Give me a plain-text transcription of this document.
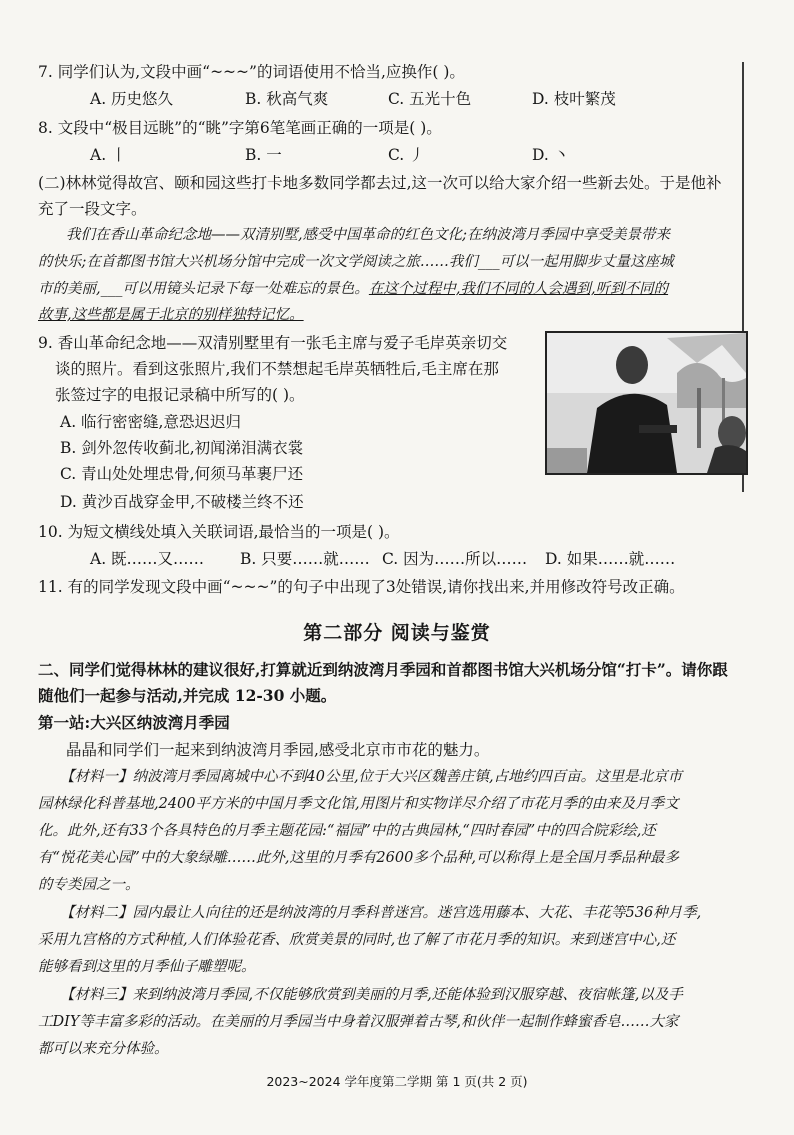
7. 同学们认为,文段中画“~~~”的词语使用不恰当,应换作( )。
A. 历史悠久	B. 秋高气爽	C. 五光十色	D. 枝叶繁茂
8. 文段中“极目远眺”的“眺”字第6笔笔画正确的一项是( )。
A. 丨	B. 一	C. 丿	D. 丶
(二)林林觉得故宫、颐和园这些打卡地多数同学都去过,这一次可以给大家介绍一些新去处。于是他补
充了一段文字。
我们在香山革命纪念地——双清别墅,感受中国革命的红色文化;在纳波湾月季园中享受美景带来
的快乐;在首都图书馆大兴机场分馆中完成一次文学阅读之旅……我们___可以一起用脚步丈量这座城
市的美丽,___可以用镜头记录下每一处难忘的景色。在这个过程中,我们不同的人会遇到,听到不同的
故事,这些都是属于北京的别样独特记忆。
9. 香山革命纪念地——双清别墅里有一张毛主席与爱子毛岸英亲切交
谈的照片。看到这张照片,我们不禁想起毛岸英牺牲后,毛主席在那
张签过字的电报记录稿中所写的( )。
A. 临行密密缝,意恐迟迟归
B. 剑外忽传收蓟北,初闻涕泪满衣裳
C. 青山处处埋忠骨,何须马革裹尸还
D. 黄沙百战穿金甲,不破楼兰终不还
10. 为短文横线处填入关联词语,最恰当的一项是( )。
A. 既……又…… B. 只要……就…… C. 因为……所以…… D. 如果……就……
11. 有的同学发现文段中画“~~~”的句子中出现了3处错误,请你找出来,并用修改符号改正确。
第二部分 阅读与鉴赏
二、同学们觉得林林的建议很好,打算就近到纳波湾月季园和首都图书馆大兴机场分馆“打卡”。请你跟
随他们一起参与活动,并完成 12-30 小题。
第一站:大兴区纳波湾月季园
晶晶和同学们一起来到纳波湾月季园,感受北京市市花的魅力。
【材料一】纳波湾月季园离城中心不到40公里,位于大兴区魏善庄镇,占地约四百亩。这里是北京市
园林绿化科普基地,2400平方米的中国月季文化馆,用图片和实物详尽介绍了市花月季的由来及月季文
化。此外,还有33个各具特色的月季主题花园:“福园”中的古典园林,“四时春园”中的四合院彩绘,还
有“悦花美心园”中的大象绿雕……此外,这里的月季有2600多个品种,可以称得上是全国月季品种最多
的专类园之一。
【材料二】园内最让人向往的还是纳波湾的月季科普迷宫。迷宫选用藤本、大花、丰花等536种月季,
采用九宫格的方式种植,人们体验花香、欣赏美景的同时,也了解了市花月季的知识。来到迷宫中心,还
能够看到这里的月季仙子雕塑呢。
【材料三】来到纳波湾月季园,不仅能够欣赏到美丽的月季,还能体验到汉服穿越、夜宿帐篷,以及手
工DIY等丰富多彩的活动。在美丽的月季园当中身着汉服弹着古琴,和伙伴一起制作蜂蜜香皂……大家
都可以来充分体验。
2023~2024 学年度第二学期 第 1 页(共 2 页)
